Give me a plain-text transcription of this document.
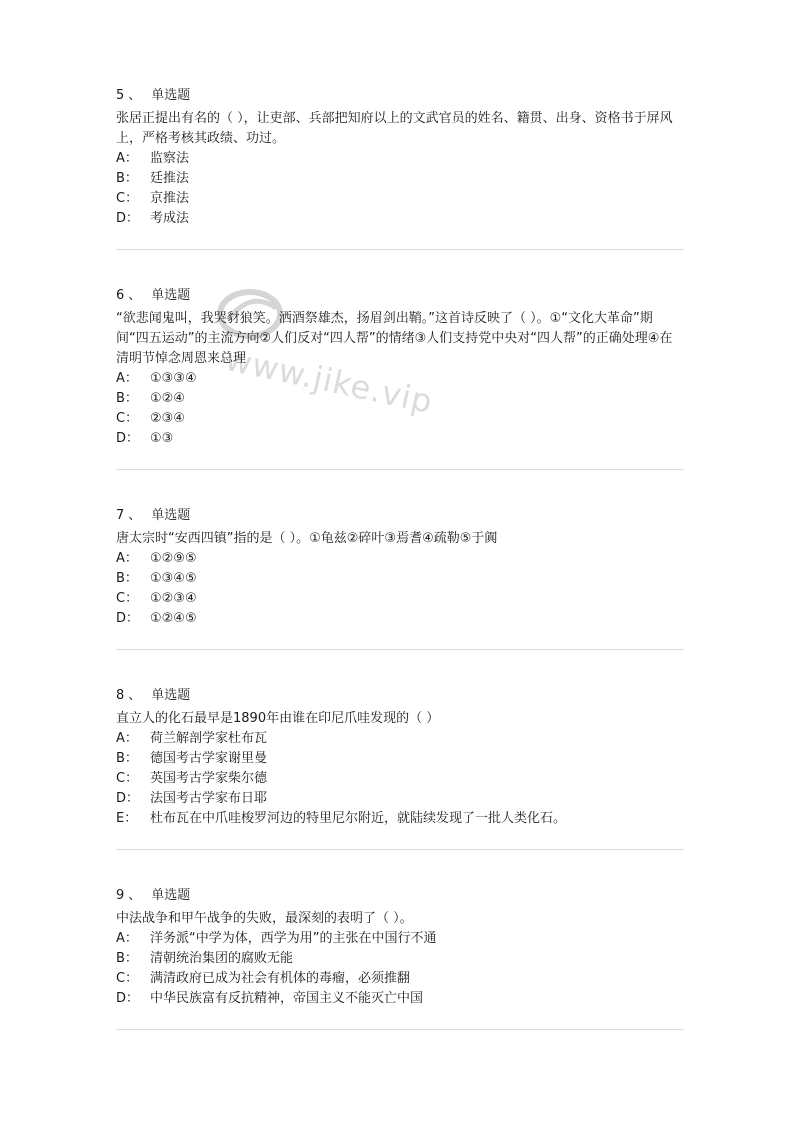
www.jike.vip
5 、 单选题
张居正提出有名的（ ），让吏部、兵部把知府以上的文武官员的姓名、籍贯、出身、资格书于屏风上，严格考核其政绩、功过。
A： 监察法
B： 廷推法
C： 京推法
D： 考成法
6 、 单选题
“欲悲闻鬼叫，我哭豺狼笑。洒酒祭雄杰，扬眉剑出鞘。”这首诗反映了（ ）。①“文化大革命”期间“四五运动”的主流方向②人们反对“四人帮”的情绪③人们支持党中央对“四人帮”的正确处理④在清明节悼念周恩来总理
A： ①③③④
B： ①②④
C： ②③④
D： ①③
7 、 单选题
唐太宗时“安西四镇”指的是（ ）。①龟兹②碎叶③焉耆④疏勒⑤于阗
A： ①②⑨⑤
B： ①③④⑤
C： ①②③④
D： ①②④⑤
8 、 单选题
直立人的化石最早是1890年由谁在印尼爪哇发现的（ ）
A： 荷兰解剖学家杜布瓦
B： 德国考古学家谢里曼
C： 英国考古学家柴尔德
D： 法国考古学家布日耶
E： 杜布瓦在中爪哇梭罗河边的特里尼尔附近，就陆续发现了一批人类化石。
9 、 单选题
中法战争和甲午战争的失败，最深刻的表明了（ ）。
A： 洋务派“中学为体，西学为用”的主张在中国行不通
B： 清朝统治集团的腐败无能
C： 满清政府已成为社会有机体的毒瘤，必须推翻
D： 中华民族富有反抗精神，帝国主义不能灭亡中国
